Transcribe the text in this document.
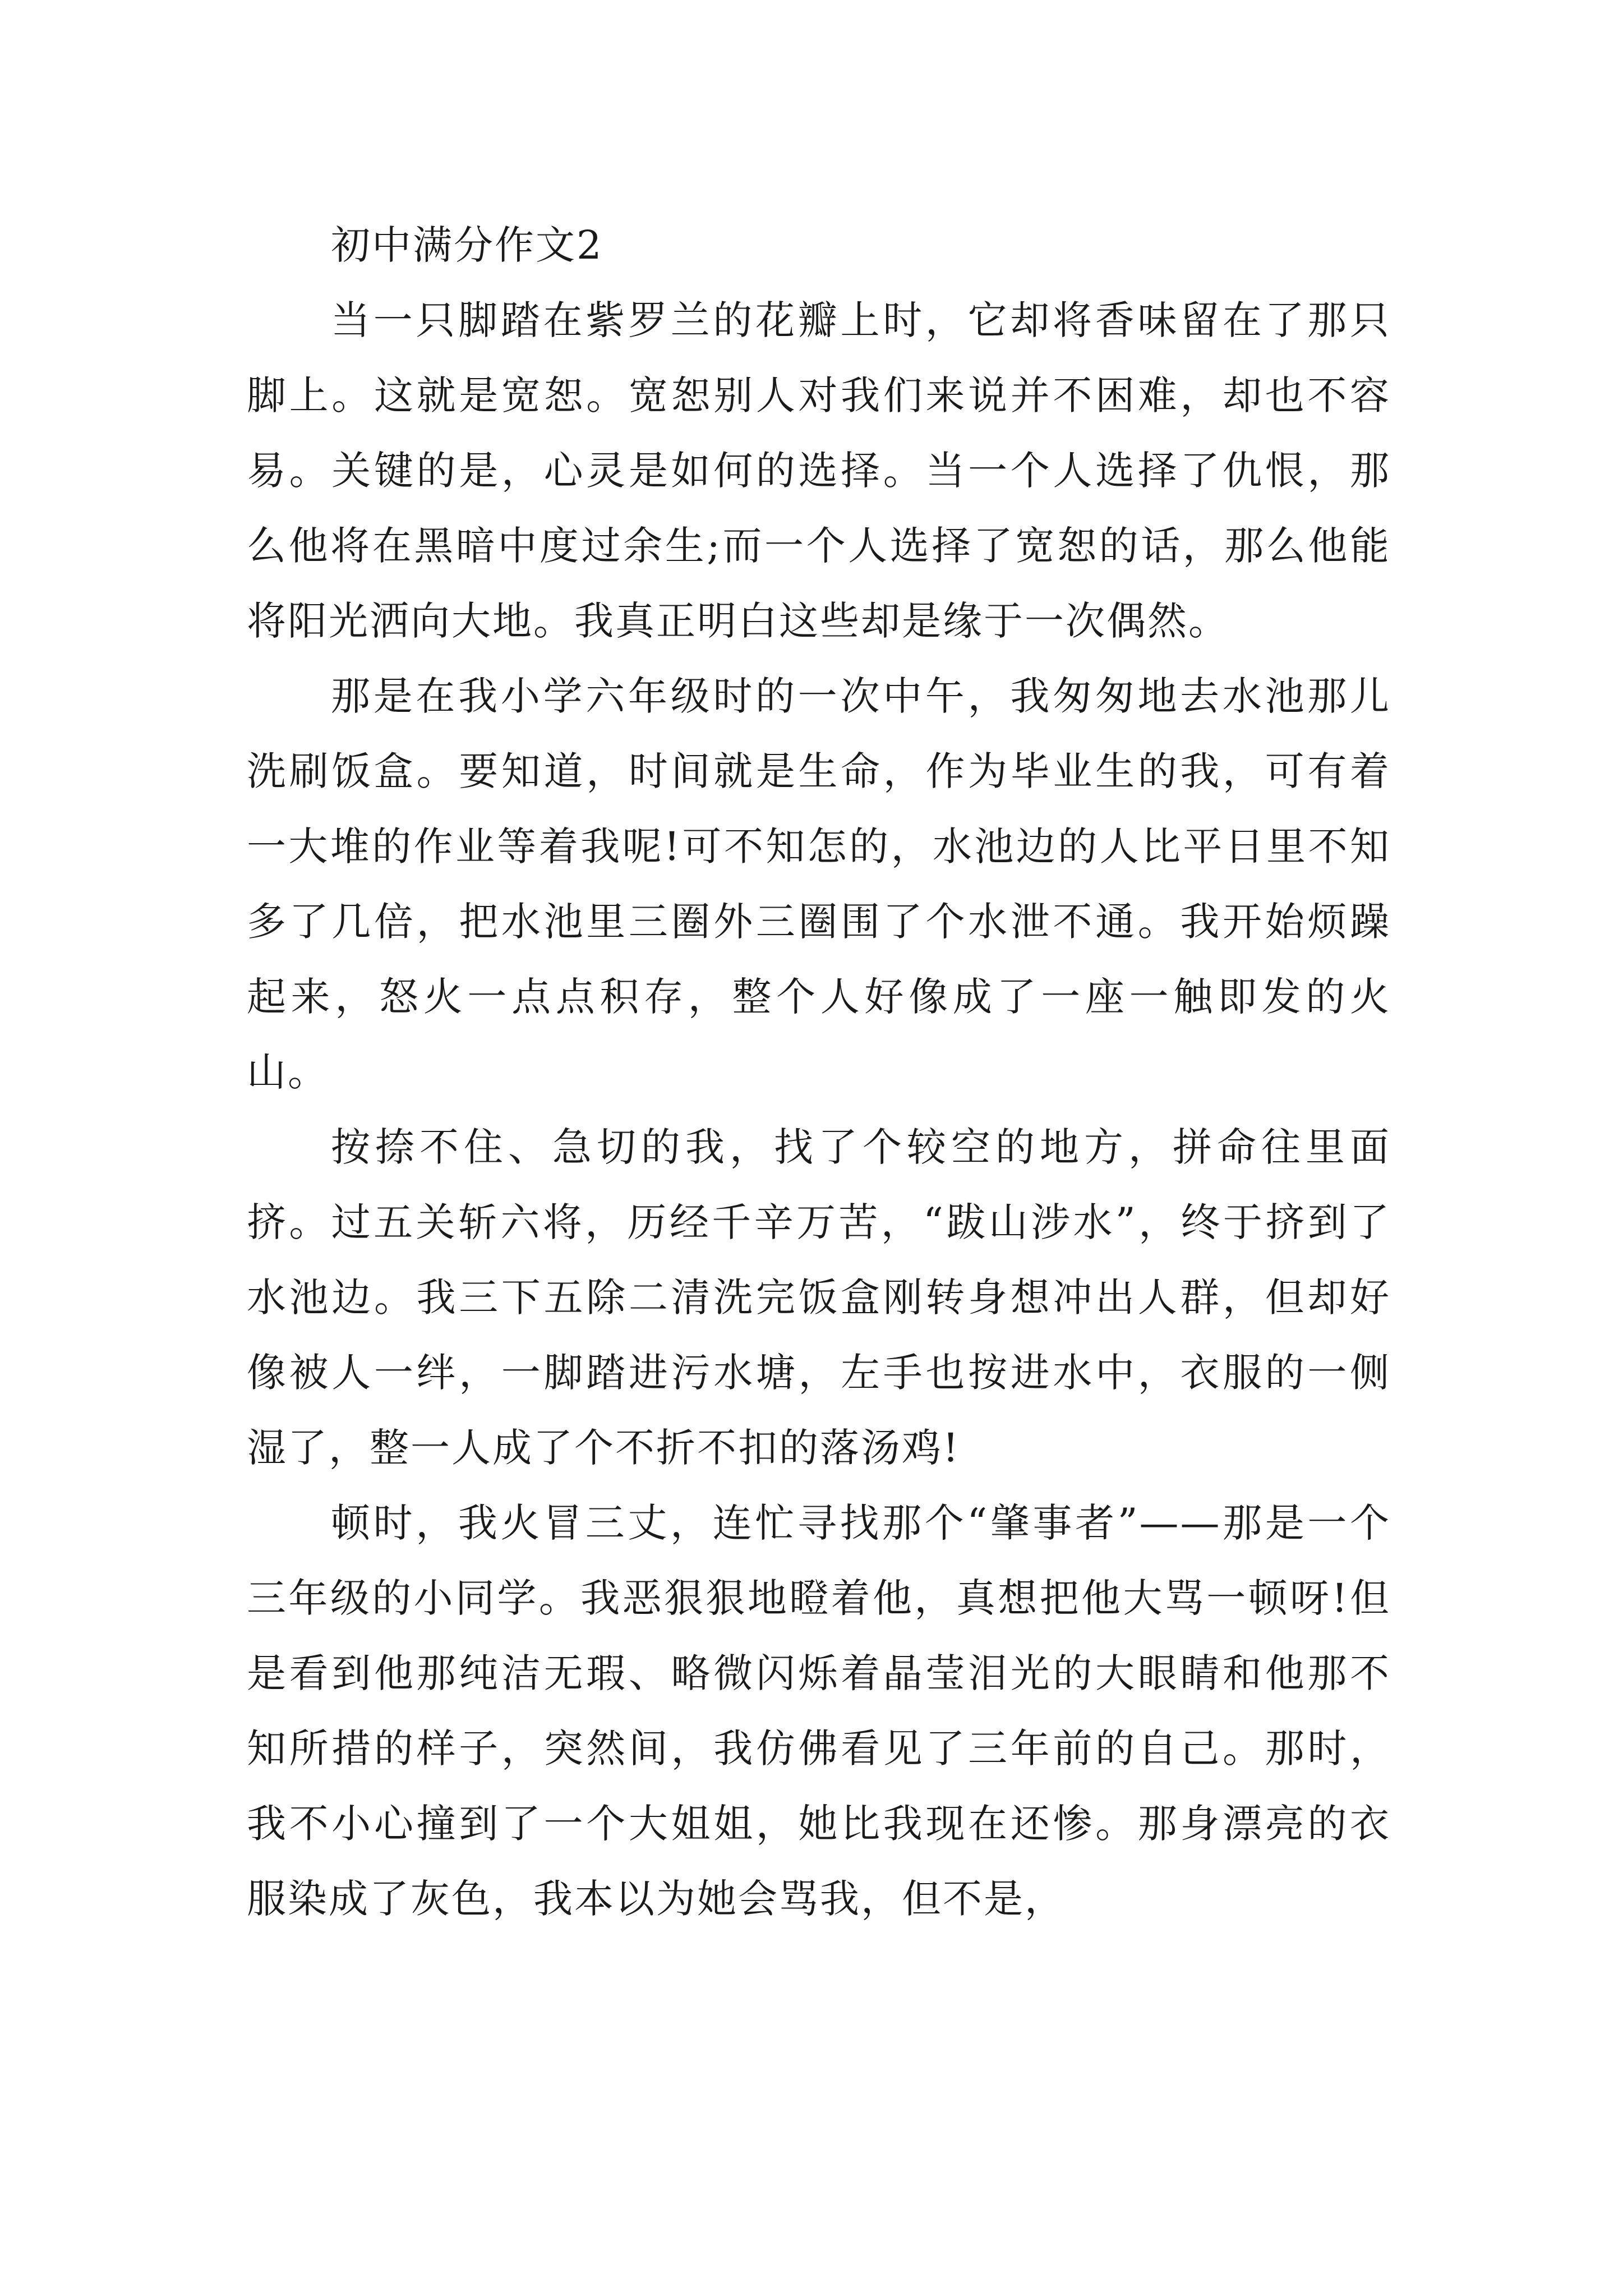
初中满分作文2

当一只脚踏在紫罗兰的花瓣上时，它却将香味留在了那只脚上。这就是宽恕。宽恕别人对我们来说并不困难，却也不容易。关键的是，心灵是如何的选择。当一个人选择了仇恨，那么他将在黑暗中度过余生;而一个人选择了宽恕的话，那么他能将阳光洒向大地。我真正明白这些却是缘于一次偶然。

那是在我小学六年级时的一次中午，我匆匆地去水池那儿洗刷饭盒。要知道，时间就是生命，作为毕业生的我，可有着一大堆的作业等着我呢!可不知怎的，水池边的人比平日里不知多了几倍，把水池里三圈外三圈围了个水泄不通。我开始烦躁起来，怒火一点点积存，整个人好像成了一座一触即发的火山。

按捺不住、急切的我，找了个较空的地方，拼命往里面挤。过五关斩六将，历经千辛万苦，“跋山涉水”，终于挤到了水池边。我三下五除二清洗完饭盒刚转身想冲出人群，但却好像被人一绊，一脚踏进污水塘，左手也按进水中，衣服的一侧湿了，整一人成了个不折不扣的落汤鸡!

顿时，我火冒三丈，连忙寻找那个“肇事者”——那是一个三年级的小同学。我恶狠狠地瞪着他，真想把他大骂一顿呀!但是看到他那纯洁无瑕、略微闪烁着晶莹泪光的大眼睛和他那不知所措的样子，突然间，我仿佛看见了三年前的自己。那时，我不小心撞到了一个大姐姐，她比我现在还惨。那身漂亮的衣服染成了灰色，我本以为她会骂我，但不是，
